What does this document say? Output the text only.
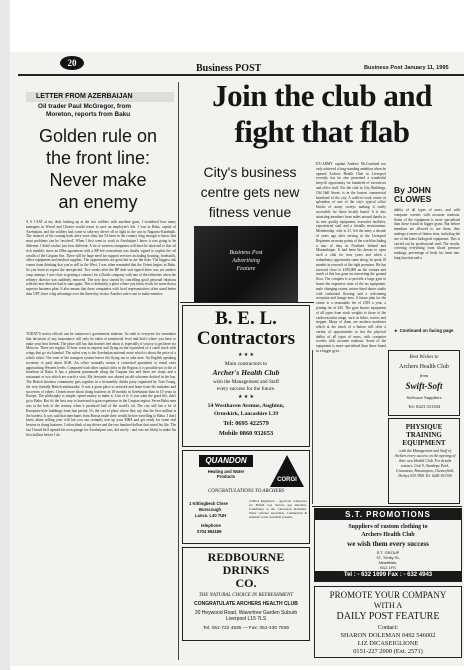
20	Business POST	Business Post January 11, 1995
LETTER FROM AZERBAIJAN
Oil trader Paul McGregor, from
Moreton, reports from Baku
Golden rule on
the front line:
Never make
an enemy
A S I SAT at my desk looking up at the two soldiers with machine guns, I wondered how many managers in Wirral and Chester would resort to save an employee's life. I was in Baku, capital of Azerbaijan, and the soldiers had come to take my driver off to fight in the war in Nagorno-Karabakh. The chances of his coming back alive were slim, but I'd been in the country long enough to know that most problems can be 'resolved'. When I first went to work in Azerbaijan I knew it was going to be different. I didn't realise just how different. A lot of western companies will have be attracted to this oil rich republic since an £8bn agreement with a BP-led consortium was finally signed to exploit the oil wealth of the Caspian Sea. There will be huge need for support services including housing, foodstuffs, office equipment and medical supplies. The opportunities are great but so are the risks. The biggest risk comes from thinking that you're still in the West. I was often reminded that the Orient begins in Baku. So you learn to expect the unexpected. Two weeks after the BP deal was signed there was yet another coup attempt. I was close to getting a contract for a Dutch company with one of the refineries when the refinery director was suddenly removed. The new boss started by cancelling good personal relations with the new director had to start again. This is definitely a place where you know rivals for more than a superior business plan. It also means that these companies with local representatives often stand better than GPT, have a big advantage over the three-day visitor. Another rule is not to make enemies.
TODAY'S senior official can be tomorrow's government minister. So rude to everyone for remember that decisions of any importance will only be taken at ministerial level and that's where you have to make your best friends. The place still has that frontier feel about it, especially if you try to get there via Moscow. There are regular 12-hour waits in airports and flying on the equivalent of a cattle truck with wings that go via Istanbul. The safest way is the Azerbaijan national route which is about the price of a whole ticket. The state of the transport system leaves the flying out to take note. An English speaking secretary is paid about $100. An office normally means a converted apartment at rental rates approaching Western levels. Compared with other capital cities in the Region, it is possible not to die of boredom in Baku. It has a pleasant promenade along the Caspian Sea and there are shops and a restaurant or two which are worth a visit. My favourite was aboard an old schooner docked in the bay. The British business community gets together in a bi-monthly drinks party organised by Tom Young, the very friendly British ambassador. It was a great place to network and learn from the mistakes and successes of others. I learnt more about doing business in 18 months in Azerbaijan than in 10 years in Europe. The philosophy is simple: spend money to make it. Lots of it: if you want the good life, don't go to Baku. But it's the best way to learn and to gain experience in the Caspian region. Seven Baku men was at the hub of the century when it produced half of the world's oil. The city still has a lot of European-style buildings from that period. It's the sort of place where they say that the first million is the hardest. It was said that merchants from Russia made their wealth before travelling to Baku. I don't know about selling your will but you can certainly tear up your MBA and get ready for some real lessons in doing business. I often think of my driver and the two hundred dollars that saved his life. The last I heard he'd opened his own garage for Azerbaijani cars, did nicely - and was not likely to make his first million before I do.
Join the club and
fight that flab
City's business
centre gets new
fitness venue
Business Post
Advertising
Feature
EX-ARMY captain Andrew McCausland not only achieved a long-standing ambition when he opened Archers Health Club in Liverpool recently, but he also presented a wonderful keep-fit opportunity for hundreds of executives and office staff. For the club in City Buildings, Old Hall Street, is in the busiest commercial heartland of the city. A walk-to-work centre in splendour of one of the city's typical office blocks of many storeys making it easily accessible for those locally based. It is also attracting members from miles around thanks to its new quality equipment, executive facilities, experienced staff and a friendly environment. Membership, who is 31, left the army a decade of years ago after serving in the Liverpool Regiment on many points of the world including a tour of duty in Northern Ireland and Mozambique. It had been his dream to open such a club for four years and when a redundancy opportunity came along, he spent 18 months in research of the right premises. He has invested close to £190,000 on the venture and much of this has gone on converting the ground floor. The complex is to provide a large gym to house the expensive state of the art equipment, male changing rooms, mirror-lined dance studio with cushioned flooring and a welcoming reception and lounge area. A future plan for the centre is a reasonable fee of £395 a year, a joining fee of £45. The gym houses equipment of all types from stack weights to those of the cardiovascular range, such as bikes, rowers and stepper. Many of them are modern machines which at the touch of a button will offer a variety of opportunities to test the physical ability of all types of users, with computer screens with accurate readouts. Some of the equipment is more specialised than those found in a bigger gym.
By JOHN CLOWES
ability of all types of users, and with computer screens with accurate readouts. Some of the equipment is more specialised than those found in bigger gyms. But before members are allowed to use them, they undergo a series of fitness tests, including the use of the latest biological equipment. This is carried out by professional staff. The results, covering everything from blood pressure readings, percentage of body fat, heart rate, lung function and a
► Continued on facing page
B. E. L.
Contractors
★ ★ ★
Main contractors to
Archer's Health Club
wish the Management and Staff
every success for the future.
★ ★ ★
54 Westhaven Avenue, Aughton,
Ormskirk, Lancashire L39
Tel: 0695 422579
Mobile 0860 932653
QUANDON
Heating and Water
Products
CORGI
CONGRATULATIONS TO ARCHERS
1 Kittingbeck Close
Burscough
Lancs. L40 7UH
telephone
0704 894189
CORGI Registered - approved contractors for British Gas Service gas installers. Contributes to the conversion industries. Water softener specialists. Commercial & domestic water treatment systems.
REDBOURNE
DRINKS
CO.
THE NATURAL CHOICE IN REFRESHMENT
CONGRATULATE ARCHERS HEALTH CLUB
20 Heywood Road, Wavertree Garden Suburb Liverpool L15 7LS
Tel. 051-722 4935 — Fax: 051-430 7836
Best Wishes to
Archers Health Club
from
Swift-Soft
Software Suppliers
Tel: 0423 331304
PHYSIQUE
TRAINING
EQUIPMENT
wish the Management and Staff of Archers every success on the opening of their new Health Club. For details contact: Unit 9, Stanhope Park, Grassmoor, Brassington, Chesterfield, Derbys S30 3NB. Tel. 0246 363300
S.T. PROMOTIONS
Suppliers of custom clothing to
Archers Health Club
we wish them every success
S.T. GROUP
37, Trinity St,
Newfields,
B12 1FS
Tel : - 632 1699 Fax : - 632 4943
PROMOTE YOUR COMPANY
WITH A
DAILY POST FEATURE
Contact:
SHARON DOLEMAN 0492 546002
LIZ DICASEIGLIONE
0151-227 2000 (Ext. 2571)
